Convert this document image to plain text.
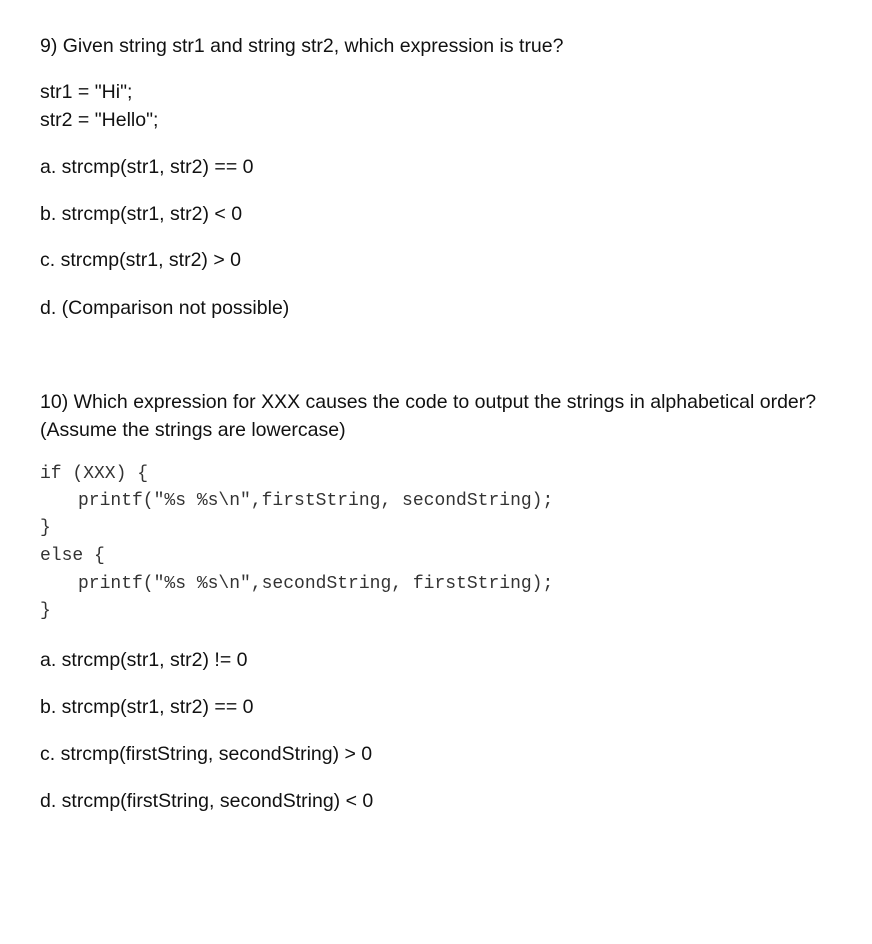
9) Given string str1 and string str2, which expression is true?
str1 = "Hi";
str2 = "Hello";
a. strcmp(str1, str2) == 0
b. strcmp(str1, str2) < 0
c. strcmp(str1, str2) > 0
d. (Comparison not possible)
10) Which expression for XXX causes the code to output the strings in alphabetical order? (Assume the strings are lowercase)
if (XXX) {
printf("%s %s\n",firstString, secondString);
}
else {
printf("%s %s\n",secondString, firstString);
}
a. strcmp(str1, str2) != 0
b. strcmp(str1, str2) == 0
c. strcmp(firstString, secondString) > 0
d. strcmp(firstString, secondString) < 0
